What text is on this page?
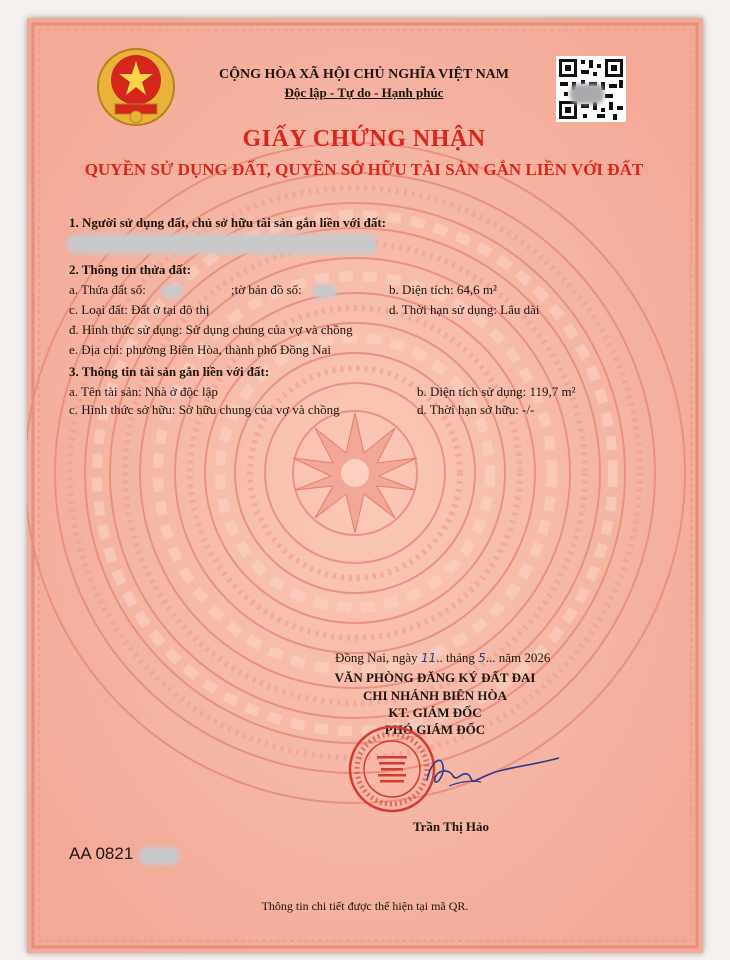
CỘNG HÒA XÃ HỘI CHỦ NGHĨA VIỆT NAM
Độc lập - Tự do - Hạnh phúc
GIẤY CHỨNG NHẬN
QUYỀN SỬ DỤNG ĐẤT, QUYỀN SỞ HỮU TÀI SẢN GẮN LIỀN VỚI ĐẤT
1. Người sử dụng đất, chủ sở hữu tài sản gắn liền với đất:
2. Thông tin thửa đất:
a. Thửa đất số:	;tờ bản đồ số:	b. Diện tích: 64,6 m²
c. Loại đất: Đất ở tại đô thị	d. Thời hạn sử dụng: Lâu dài
đ. Hình thức sử dụng: Sử dụng chung của vợ và chồng
e. Địa chỉ: phường Biên Hòa, thành phố Đồng Nai
3. Thông tin tài sản gắn liền với đất:
a. Tên tài sản: Nhà ở độc lập	b. Diện tích sử dụng: 119,7 m²
c. Hình thức sở hữu: Sở hữu chung của vợ và chồng	d. Thời hạn sở hữu: -/-
Đồng Nai, ngày 11.. tháng 5... năm 2026
VĂN PHÒNG ĐĂNG KÝ ĐẤT ĐAI
CHI NHÁNH BIÊN HÒA
KT. GIÁM ĐỐC
PHÓ GIÁM ĐỐC
Trần Thị Hảo
AA 0821
Thông tin chi tiết được thể hiện tại mã QR.
